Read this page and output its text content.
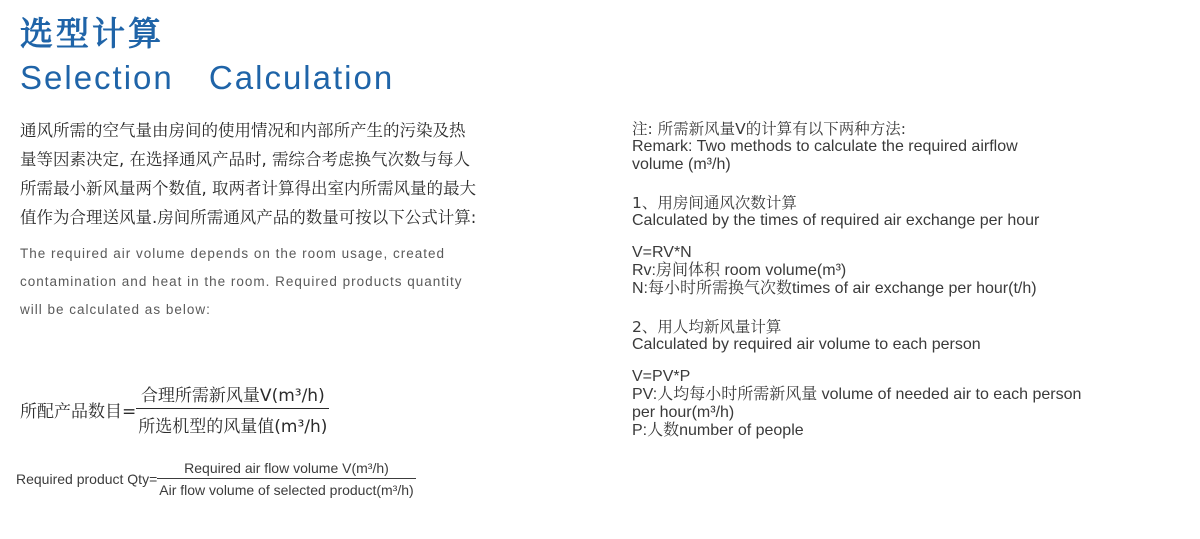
选型计算
Selection Calculation
通风所需的空气量由房间的使用情况和内部所产生的污染及热
量等因素决定, 在选择通风产品时, 需综合考虑换气次数与每人
所需最小新风量两个数值, 取两者计算得出室内所需风量的最大
值作为合理送风量.房间所需通风产品的数量可按以下公式计算:
The required air volume depends on the room usage, created
contamination and heat in the room. Required products quantity
will be calculated as below:
所配产品数目= $\frac{\text{合理所需新风量V(m³/h)}}{\text{所选机型的风量值(m³/h)}}$
Required product $Qty= \frac{\text{Required air flow volume V(m³/h)}}{\text{Air flow volume of selected product(m³/h)}}$
注: 所需新风量V的计算有以下两种方法:
Remark: Two methods to calculate the required airflow
volume (m³/h)
1、用房间通风次数计算
Calculated by the times of required air exchange per hour
V=RV*N
Rv:房间体积 room volume(m³)
N:每小时所需换气次数times of air exchange per hour(t/h)
2、用人均新风量计算
Calculated by required air volume to each person
V=PV*P
PV:人均每小时所需新风量 volume of needed air to each person
per hour(m³/h)
P:人数number of people
